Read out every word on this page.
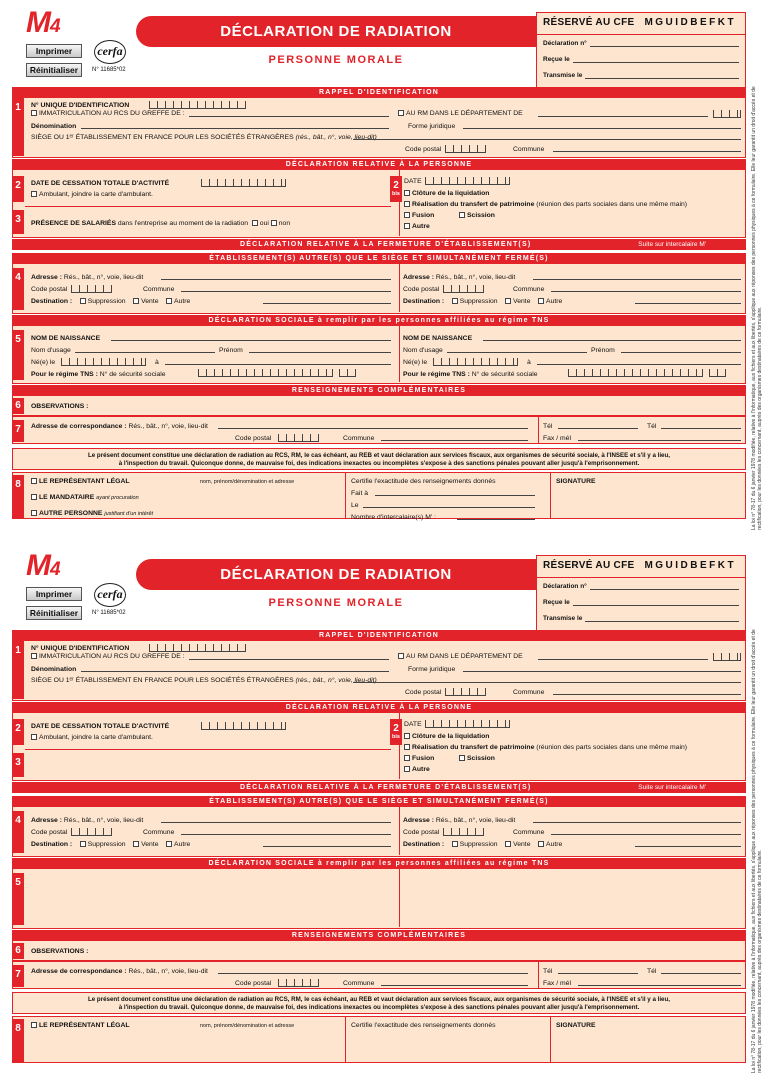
M4
Imprimer
Réinitialiser
cerfa
N° 11685*02
DÉCLARATION DE RADIATION
PERSONNE MORALE
RÉSERVÉ AU CFE MGUIDBEFKT
Déclaration n°
Reçue le
Transmise le
RAPPEL D'IDENTIFICATION
1	N° UNIQUE D'IDENTIFICATION
IMMATRICULATION AU RCS DU GREFFE DE :	AU RM DANS LE DÉPARTEMENT DE
Dénomination	Forme juridique
SIÈGE OU 1ᵉʳ ÉTABLISSEMENT EN FRANCE POUR LES SOCIÉTÉS ÉTRANGÈRES (rés., bât., n°, voie, lieu-dit)
Code postal	Commune
DÉCLARATION RELATIVE À LA PERSONNE
2	DATE DE CESSATION TOTALE D'ACTIVITÉ
Ambulant, joindre la carte d'ambulant.
3	PRÉSENCE DE SALARIÉS dans l'entreprise au moment de la radiation oui non
2
bis
DATE
Clôture de la liquidation
Réalisation du transfert de patrimoine (réunion des parts sociales dans une même main)
Fusion	Scission
Autre
DÉCLARATION RELATIVE À LA FERMETURE D'ÉTABLISSEMENT(S)	Suite sur intercalaire M'
ÉTABLISSEMENT(S) AUTRE(S) QUE LE SIÈGE ET SIMULTANÉMENT FERMÉ(S)
4	Adresse : Rés., bât., n°, voie, lieu-dit
Code postal	Commune
Destination : Suppression Vente Autre
Adresse : Rés., bât., n°, voie, lieu-dit
Code postal	Commune
Destination : Suppression Vente Autre
DÉCLARATION SOCIALE à remplir par les personnes affiliées au régime TNS
5	NOM DE NAISSANCE
Nom d'usage	Prénom
Né(e) le	à
Pour le régime TNS : N° de sécurité sociale
NOM DE NAISSANCE
Nom d'usage	Prénom
Né(e) le	à
Pour le régime TNS : N° de sécurité sociale
RENSEIGNEMENTS COMPLÉMENTAIRES
6	OBSERVATIONS :
7	Adresse de correspondance : Rés., bât., n°, voie, lieu-dit
Code postal	Commune
Tél	Tél
Fax / mél
Le présent document constitue une déclaration de radiation au RCS, RM, le cas échéant, au REB et vaut déclaration aux services fiscaux, aux organismes de sécurité sociale, à l'INSEE et s'il y a lieu,
à l'inspection du travail. Quiconque donne, de mauvaise foi, des indications inexactes ou incomplètes s'expose à des sanctions pénales pouvant aller jusqu'à l'emprisonnement.
8	LE REPRÉSENTANT LÉGAL	nom, prénom/dénomination et adresse
LE MANDATAIRE ayant procuration
AUTRE PERSONNE justifiant d'un intérêt
Certifie l'exactitude des renseignements donnés
Fait à
Le
Nombre d'intercalaire(s) M' :
SIGNATURE	La loi n° 78-17 du 6 janvier 1978 modifiée, relative à l'informatique, aux fichiers et aux libertés, s'applique aux réponses des personnes physiques à ce formulaire. Elle leur garantit un droit d'accès et de rectification, pour les données les concernant, auprès des organismes destinataires de ce formulaire.
M4
Imprimer
Réinitialiser
cerfa
N° 11685*02
DÉCLARATION DE RADIATION
PERSONNE MORALE
RÉSERVÉ AU CFE MGUIDBEFKT
Déclaration n°
Reçue le
Transmise le
RAPPEL D'IDENTIFICATION
1	N° UNIQUE D'IDENTIFICATION
IMMATRICULATION AU RCS DU GREFFE DE :	AU RM DANS LE DÉPARTEMENT DE
Dénomination	Forme juridique
SIÈGE OU 1ᵉʳ ÉTABLISSEMENT EN FRANCE POUR LES SOCIÉTÉS ÉTRANGÈRES (rés., bât., n°, voie, lieu-dit)
Code postal	Commune
DÉCLARATION RELATIVE À LA PERSONNE
2	DATE DE CESSATION TOTALE D'ACTIVITÉ
Ambulant, joindre la carte d'ambulant.
3
2
bis
DATE
Clôture de la liquidation
Réalisation du transfert de patrimoine (réunion des parts sociales dans une même main)
Fusion	Scission
Autre
DÉCLARATION RELATIVE À LA FERMETURE D'ÉTABLISSEMENT(S)	Suite sur intercalaire M'
ÉTABLISSEMENT(S) AUTRE(S) QUE LE SIÈGE ET SIMULTANÉMENT FERMÉ(S)
4	Adresse : Rés., bât., n°, voie, lieu-dit
Code postal	Commune
Destination : Suppression Vente Autre
Adresse : Rés., bât., n°, voie, lieu-dit
Code postal	Commune
Destination : Suppression Vente Autre
DÉCLARATION SOCIALE à remplir par les personnes affiliées au régime TNS
5
RENSEIGNEMENTS COMPLÉMENTAIRES
6	OBSERVATIONS :
7	Adresse de correspondance : Rés., bât., n°, voie, lieu-dit
Code postal	Commune
Tél	Tél
Fax / mél
Le présent document constitue une déclaration de radiation au RCS, RM, le cas échéant, au REB et vaut déclaration aux services fiscaux, aux organismes de sécurité sociale, à l'INSEE et s'il y a lieu,
à l'inspection du travail. Quiconque donne, de mauvaise foi, des indications inexactes ou incomplètes s'expose à des sanctions pénales pouvant aller jusqu'à l'emprisonnement.
8	LE REPRÉSENTANT LÉGAL	nom, prénom/dénomination et adresse	Certifie l'exactitude des renseignements donnés	SIGNATURE	La loi n° 78-17 du 6 janvier 1978 modifiée, relative à l'informatique, aux fichiers et aux libertés, s'applique aux réponses des personnes physiques à ce formulaire. Elle leur garantit un droit d'accès et de rectification, pour les données les concernant, auprès des organismes destinataires de ce formulaire.
